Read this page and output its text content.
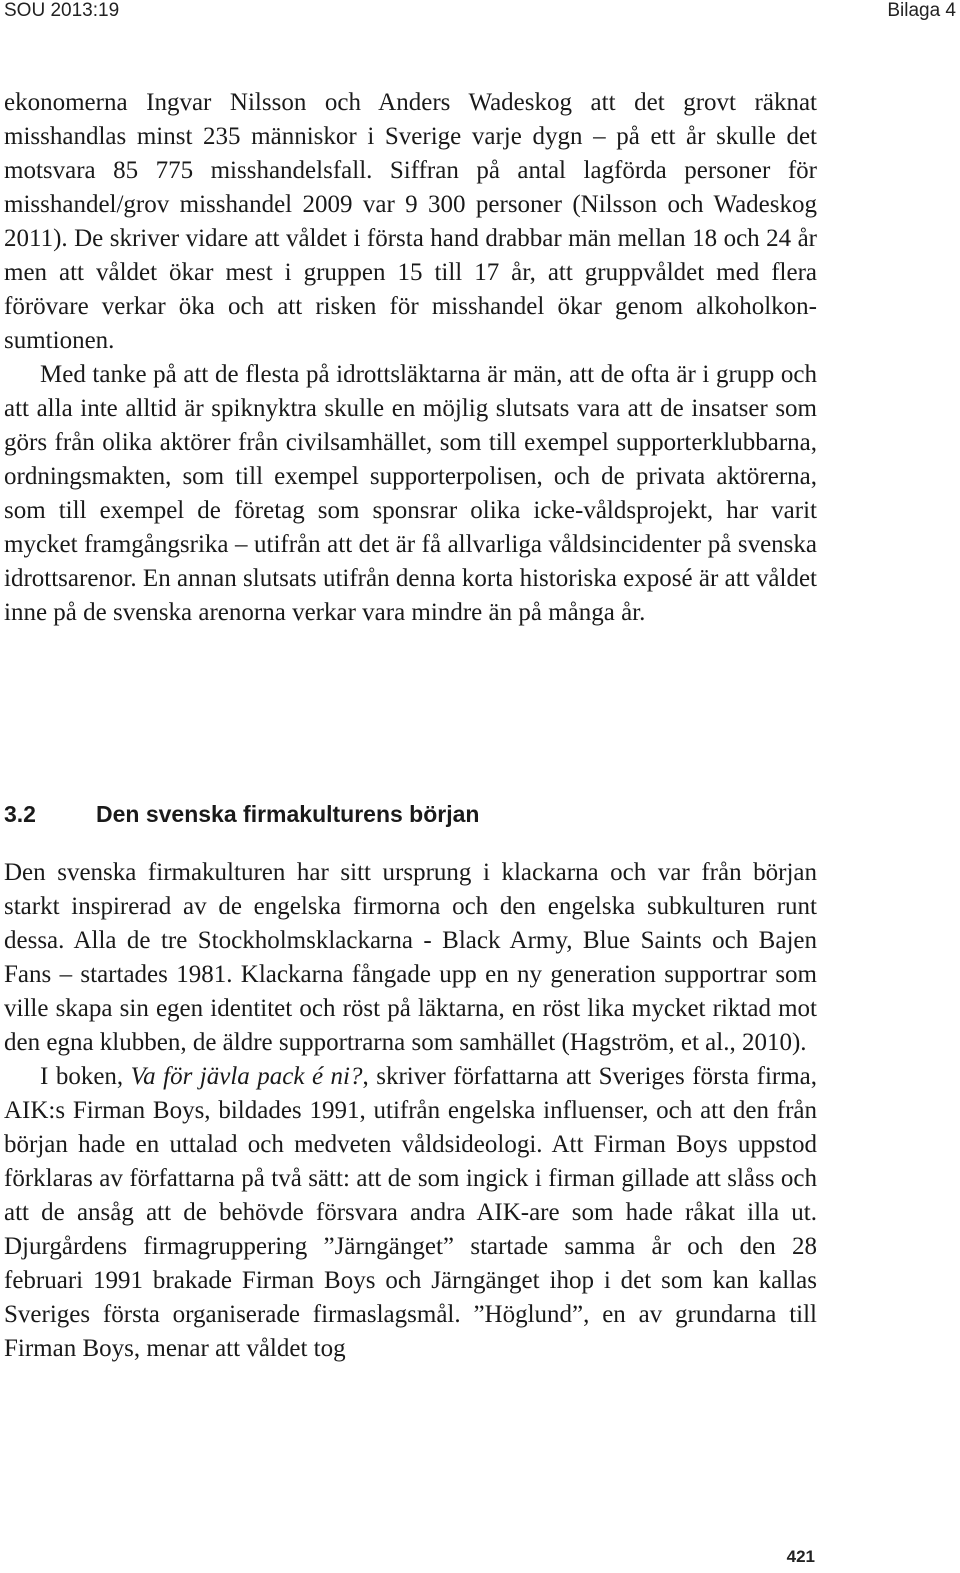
SOU 2013:19	Bilaga 4

ekonomerna Ingvar Nilsson och Anders Wadeskog att det grovt räknat misshandlas minst 235 människor i Sverige varje dygn – på ett år skulle det motsvara 85 775 misshandelsfall. Siffran på antal lagförda personer för misshandel/grov misshandel 2009 var 9 300 personer (Nilsson och Wadeskog 2011). De skriver vidare att våldet i första hand drabbar män mellan 18 och 24 år men att våldet ökar mest i gruppen 15 till 17 år, att gruppvåldet med flera förövare verkar öka och att risken för misshandel ökar genom alkoholkonsumtionen.

Med tanke på att de flesta på idrottsläktarna är män, att de ofta är i grupp och att alla inte alltid är spiknyktra skulle en möjlig slutsats vara att de insatser som görs från olika aktörer från civilsamhället, som till exempel supporterklubbarna, ordningsmakten, som till exempel supporterpolisen, och de privata aktörerna, som till exempel de företag som sponsrar olika icke-våldsprojekt, har varit mycket framgångsrika – utifrån att det är få allvarliga våldsincidenter på svenska idrottsarenor. En annan slutsats utifrån denna korta historiska exposé är att våldet inne på de svenska arenorna verkar vara mindre än på många år.

3.2	Den svenska firmakulturens början

Den svenska firmakulturen har sitt ursprung i klackarna och var från början starkt inspirerad av de engelska firmorna och den engelska subkulturen runt dessa. Alla de tre Stockholmsklackarna - Black Army, Blue Saints och Bajen Fans – startades 1981. Klackarna fångade upp en ny generation supportrar som ville skapa sin egen identitet och röst på läktarna, en röst lika mycket riktad mot den egna klubben, de äldre supportrarna som samhället (Hagström, et al., 2010).

I boken, Va för jävla pack é ni?, skriver författarna att Sveriges första firma, AIK:s Firman Boys, bildades 1991, utifrån engelska influenser, och att den från början hade en uttalad och medveten våldsideologi. Att Firman Boys uppstod förklaras av författarna på två sätt: att de som ingick i firman gillade att slåss och att de ansåg att de behövde försvara andra AIK-are som hade råkat illa ut. Djurgårdens firmagruppering ”Järngänget” startade samma år och den 28 februari 1991 brakade Firman Boys och Järngänget ihop i det som kan kallas Sveriges första organiserade firmaslagsmål. ”Höglund”, en av grundarna till Firman Boys, menar att våldet tog

421
